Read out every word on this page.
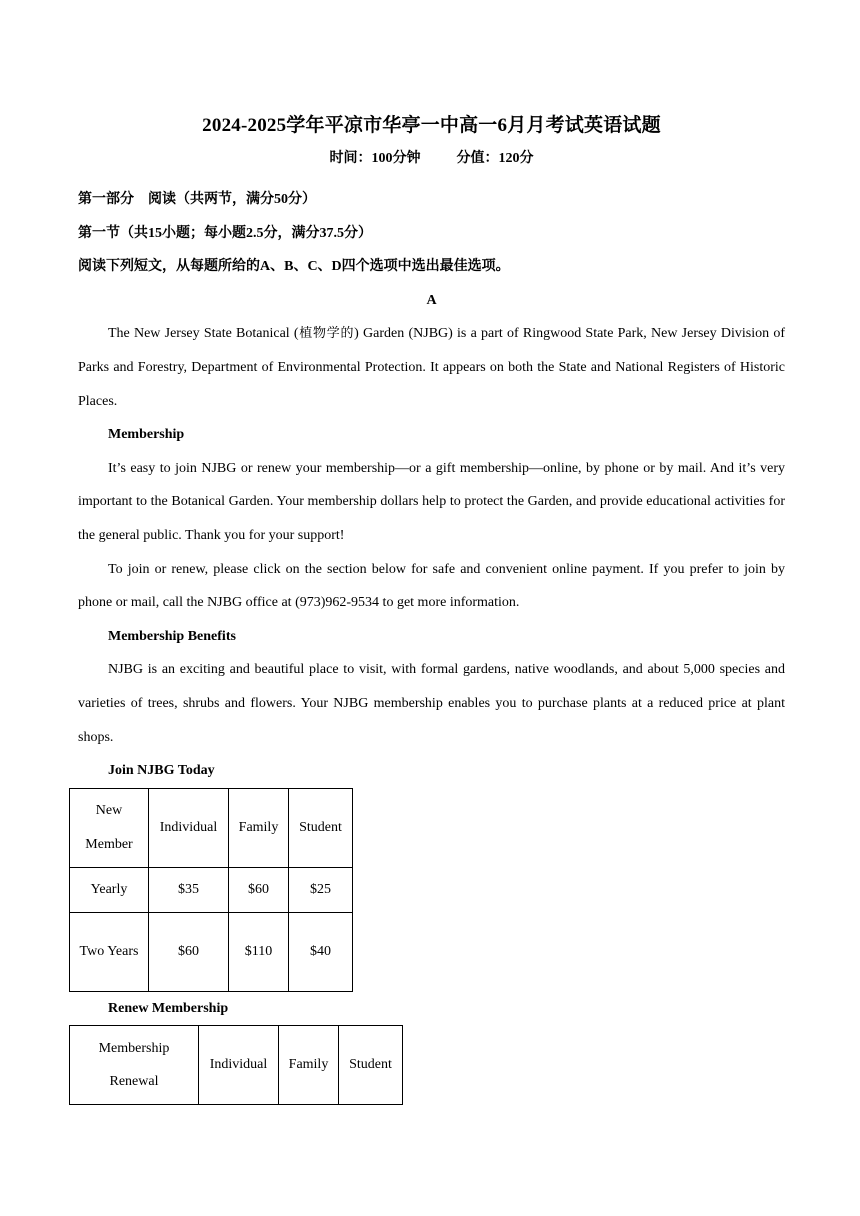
2024-2025学年平凉市华亭一中高一6月月考试英语试题
时间：100分钟	分值：120分
第一部分　阅读（共两节，满分50分）
第一节（共15小题；每小题2.5分，满分37.5分）
阅读下列短文，从每题所给的A、B、C、D四个选项中选出最佳选项。
A

The New Jersey State Botanical (植物学的) Garden (NJBG) is a part of Ringwood State Park, New Jersey Division of Parks and Forestry, Department of Environmental Protection. It appears on both the State and National Registers of Historic Places.

Membership

It’s easy to join NJBG or renew your membership—or a gift membership—online, by phone or by mail. And it’s very important to the Botanical Garden. Your membership dollars help to protect the Garden, and provide educational activities for the general public. Thank you for your support!

To join or renew, please click on the section below for safe and convenient online payment. If you prefer to join by phone or mail, call the NJBG office at (973)962-9534 to get more information.

Membership Benefits

NJBG is an exciting and beautiful place to visit, with formal gardens, native woodlands, and about 5,000 species and varieties of trees, shrubs and flowers. Your NJBG membership enables you to purchase plants at a reduced price at plant shops.

Join NJBG Today
New Member	Individual	Family	Student
Yearly	$35	$60	$25
Two Years	$60	$110	$40
Renew Membership
Membership Renewal	Individual	Family	Student
